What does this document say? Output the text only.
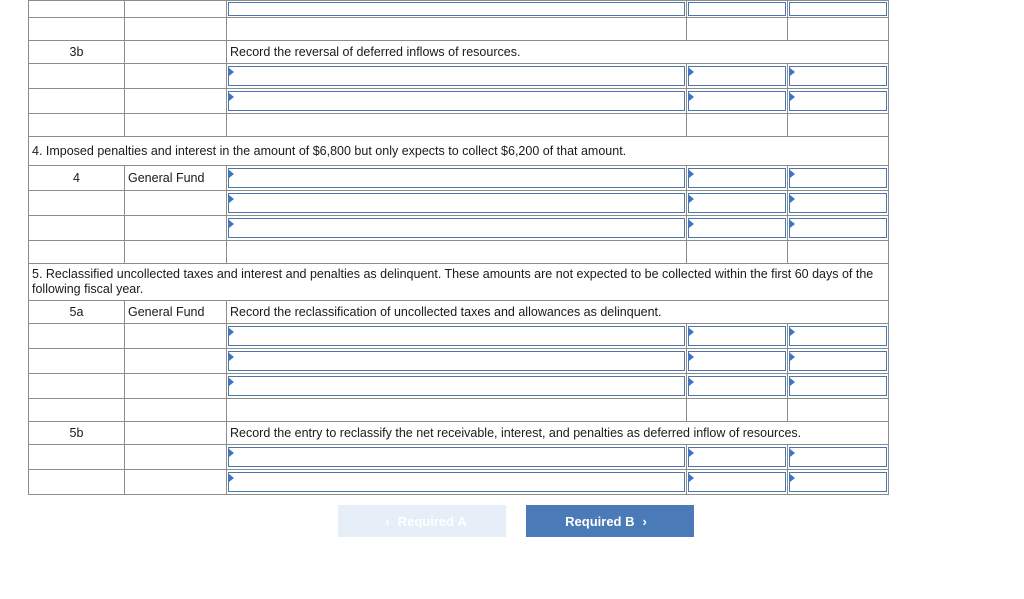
3b		Record the reversal of deferred inflows of resources.		

4. Imposed penalties and interest in the amount of $6,800 but only expects to collect $6,200 of that amount.				
4	General Fund	

5. Reclassified uncollected taxes and interest and penalties as delinquent. These amounts are not expected to be collected within the first 60 days of the following fiscal year.				
5a	General Fund	Record the reclassification of uncollected taxes and allowances as delinquent.		

5b		Record the entry to reclassify the net receivable, interest, and penalties as deferred inflow of resources.		

‹ Required A	Required B ›
